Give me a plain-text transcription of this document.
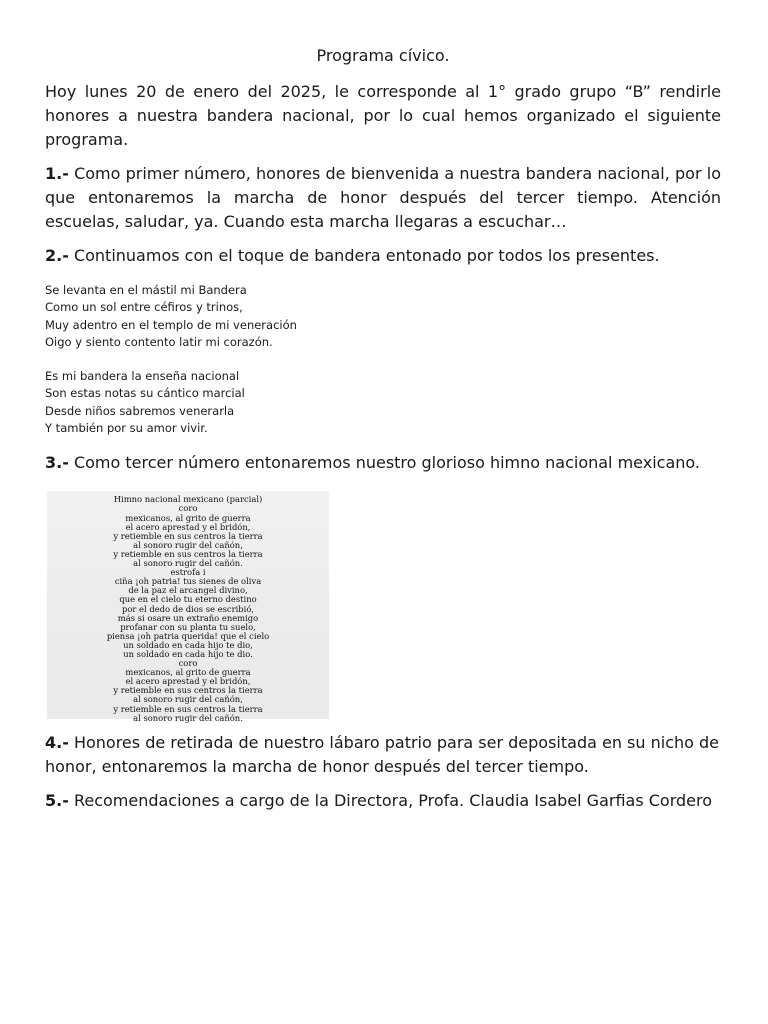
Programa cívico.

Hoy lunes 20 de enero del 2025, le corresponde al 1° grado grupo “B” rendirle honores a nuestra bandera nacional, por lo cual hemos organizado el siguiente programa.

1.- Como primer número, honores de bienvenida a nuestra bandera nacional, por lo que entonaremos la marcha de honor después del tercer tiempo. Atención escuelas, saludar, ya. Cuando esta marcha llegaras a escuchar…

2.- Continuamos con el toque de bandera entonado por todos los presentes.

Se levanta en el mástil mi Bandera
Como un sol entre céfiros y trinos,
Muy adentro en el templo de mi veneración
Oigo y siento contento latir mi corazón.
Es mi bandera la enseña nacional
Son estas notas su cántico marcial
Desde niños sabremos venerarla
Y también por su amor vivir.

3.- Como tercer número entonaremos nuestro glorioso himno nacional mexicano.

Himno nacional mexicano (parcial)
coro
mexicanos, al grito de guerra
el acero aprestad y el bridón,
y retiemble en sus centros la tierra
al sonoro rugir del cañón,
y retiemble en sus centros la tierra
al sonoro rugir del cañón.
estrofa i
ciña ¡oh patria! tus sienes de oliva
de la paz el arcangel divino,
que en el cielo tu eterno destino
por el dedo de dios se escribió,
más si osare un extraño enemigo
profanar con su planta tu suelo,
piensa ¡oh patria querida! que el cielo
un soldado en cada hijo te dio,
un soldado en cada hijo te dio.
coro
mexicanos, al grito de guerra
el acero aprestad y el bridón,
y retiemble en sus centros la tierra
al sonoro rugir del cañón,
y retiemble en sus centros la tierra
al sonoro rugir del cañón.

4.- Honores de retirada de nuestro lábaro patrio para ser depositada en su nicho de honor, entonaremos la marcha de honor después del tercer tiempo.

5.- Recomendaciones a cargo de la Directora, Profa. Claudia Isabel Garfias Cordero
